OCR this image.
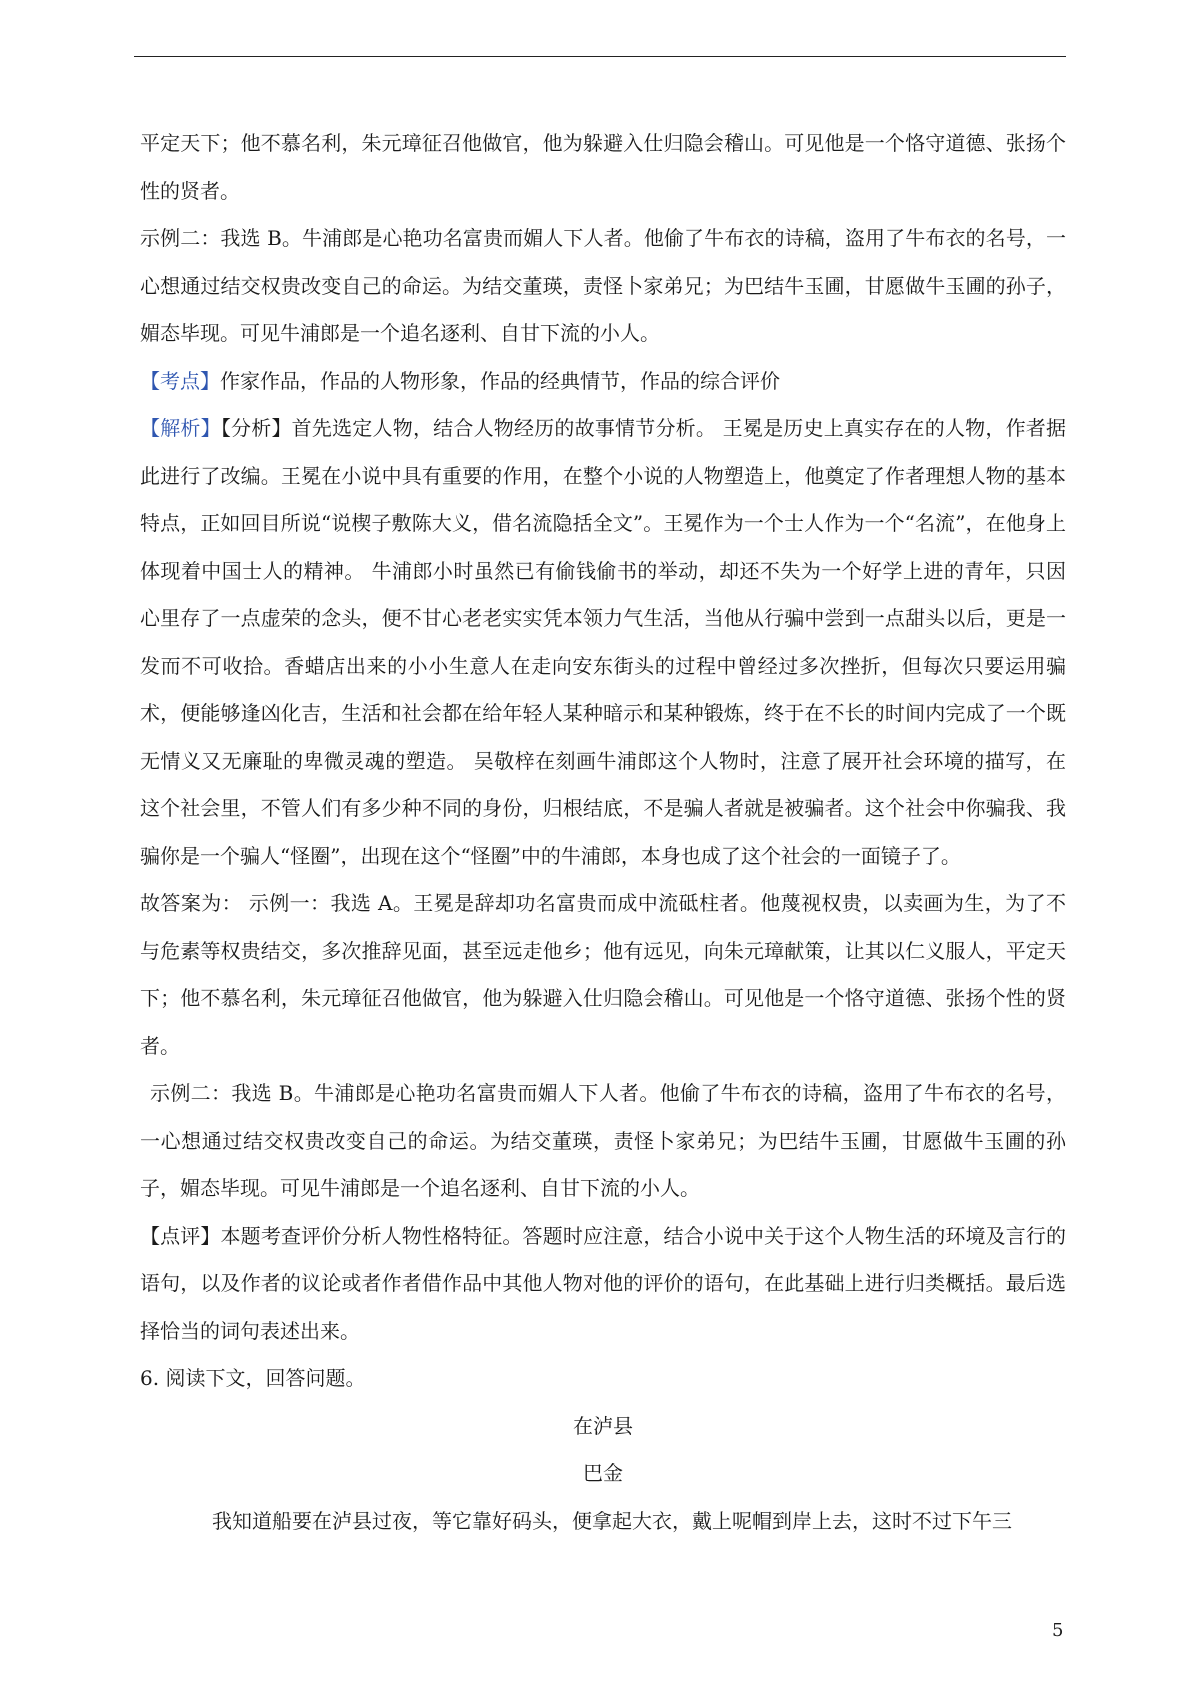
平定天下；他不慕名利，朱元璋征召他做官，他为躲避入仕归隐会稽山。可见他是一个恪守道德、张扬个性的贤者。

示例二：我选 B。牛浦郎是心艳功名富贵而媚人下人者。他偷了牛布衣的诗稿，盗用了牛布衣的名号，一心想通过结交权贵改变自己的命运。为结交董瑛，责怪卜家弟兄；为巴结牛玉圃，甘愿做牛玉圃的孙子，媚态毕现。可见牛浦郎是一个追名逐利、自甘下流的小人。

【考点】作家作品，作品的人物形象，作品的经典情节，作品的综合评价

【解析】【分析】首先选定人物，结合人物经历的故事情节分析。 王冕是历史上真实存在的人物，作者据此进行了改编。王冕在小说中具有重要的作用，在整个小说的人物塑造上，他奠定了作者理想人物的基本特点，正如回目所说“说楔子敷陈大义，借名流隐括全文”。王冕作为一个士人作为一个“名流”，在他身上体现着中国士人的精神。 牛浦郎小时虽然已有偷钱偷书的举动，却还不失为一个好学上进的青年，只因心里存了一点虚荣的念头，便不甘心老老实实凭本领力气生活，当他从行骗中尝到一点甜头以后，更是一发而不可收拾。香蜡店出来的小小生意人在走向安东街头的过程中曾经过多次挫折，但每次只要运用骗术，便能够逢凶化吉，生活和社会都在给年轻人某种暗示和某种锻炼，终于在不长的时间内完成了一个既无情义又无廉耻的卑微灵魂的塑造。 吴敬梓在刻画牛浦郎这个人物时，注意了展开社会环境的描写，在这个社会里，不管人们有多少种不同的身份，归根结底，不是骗人者就是被骗者。这个社会中你骗我、我骗你是一个骗人“怪圈”，出现在这个“怪圈”中的牛浦郎，本身也成了这个社会的一面镜子了。

故答案为： 示例一：我选 A。王冕是辞却功名富贵而成中流砥柱者。他蔑视权贵，以卖画为生，为了不与危素等权贵结交，多次推辞见面，甚至远走他乡；他有远见，向朱元璋献策，让其以仁义服人，平定天下；他不慕名利，朱元璋征召他做官，他为躲避入仕归隐会稽山。可见他是一个恪守道德、张扬个性的贤者。

示例二：我选 B。牛浦郎是心艳功名富贵而媚人下人者。他偷了牛布衣的诗稿，盗用了牛布衣的名号，一心想通过结交权贵改变自己的命运。为结交董瑛，责怪卜家弟兄；为巴结牛玉圃，甘愿做牛玉圃的孙子，媚态毕现。可见牛浦郎是一个追名逐利、自甘下流的小人。

【点评】本题考查评价分析人物性格特征。答题时应注意，结合小说中关于这个人物生活的环境及言行的语句，以及作者的议论或者作者借作品中其他人物对他的评价的语句，在此基础上进行归类概括。最后选择恰当的词句表述出来。

6. 阅读下文，回答问题。

在泸县

巴金

我知道船要在泸县过夜，等它靠好码头，便拿起大衣，戴上呢帽到岸上去，这时不过下午三

5
